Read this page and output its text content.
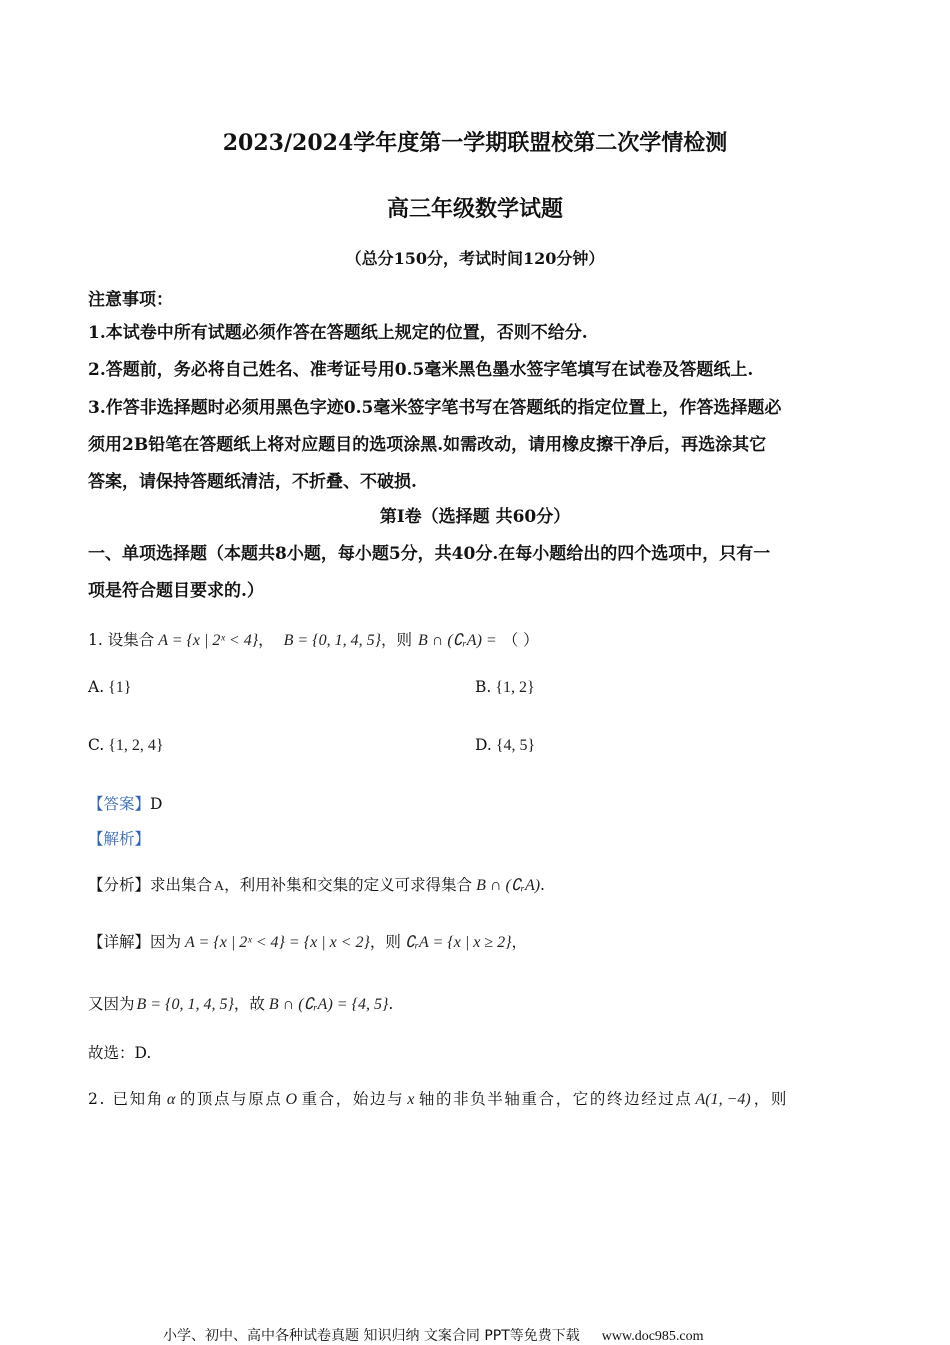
2023/2024学年度第一学期联盟校第二次学情检测
高三年级数学试题
（总分150分，考试时间120分钟）
注意事项：
1.本试卷中所有试题必须作答在答题纸上规定的位置，否则不给分.
2.答题前，务必将自己姓名、准考证号用0.5毫米黑色墨水签字笔填写在试卷及答题纸上.
3.作答非选择题时必须用黑色字迹0.5毫米签字笔书写在答题纸的指定位置上，作答选择题必
须用2B铅笔在答题纸上将对应题目的选项涂黑.如需改动，请用橡皮擦干净后，再选涂其它
答案，请保持答题纸清洁，不折叠、不破损.
第Ⅰ卷（选择题 共60分）
一、单项选择题（本题共8小题，每小题5分，共40分.在每小题给出的四个选项中，只有一
项是符合题目要求的.）
1. 设集合 A = {x | 2ˣ < 4}， B = {0, 1, 4, 5}，则 B ∩ (∁ᵣA) = （ ）
A. {1}	B. {1, 2}
C. {1, 2, 4}	D. {4, 5}
【答案】D
【解析】
【分析】求出集合 A，利用补集和交集的定义可求得集合 B ∩ (∁ᵣA).
【详解】因为 A = {x | 2ˣ < 4} = {x | x < 2}，则 ∁ᵣA = {x | x ≥ 2}，
又因为 B = {0, 1, 4, 5}，故 B ∩ (∁ᵣA) = {4, 5}.
故选：D.
2. 已知角 α 的顶点与原点 O 重合，始边与 x 轴的非负半轴重合，它的终边经过点 A(1, −4) ，则
小学、初中、高中各种试卷真题 知识归纳 文案合同 PPT等免费下载 www.doc985.com
